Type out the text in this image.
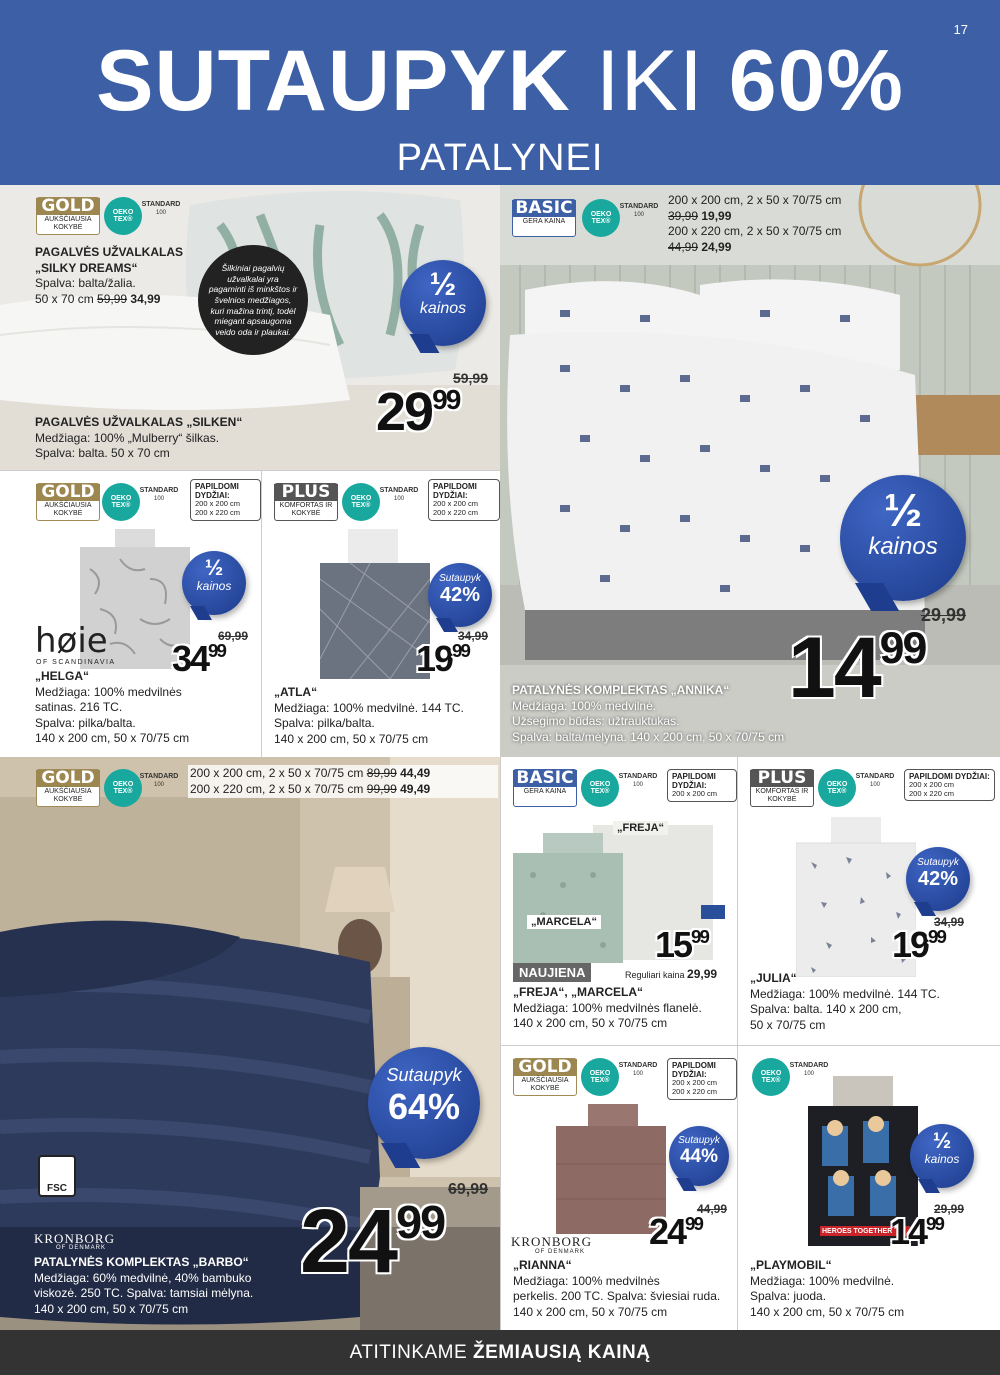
17
SUTAUPYK IKI 60%
PATALYNEI
GOLD
AUKŠČIAUSIA KOKYBĖ
OEKO TEX®
STANDARD
100
PAGALVĖS UŽVALKALAS „SILKY DREAMS“
Spalva: balta/žalia.
50 x 70 cm 59,99 34,99
Šilkiniai pagalvių užvalkalai yra pagaminti iš minkštos ir švelnios medžiagos, kuri mažina trintį, todėl miegant apsaugoma veido oda ir plaukai.
½
kainos
59,99
$29^{99}$
PAGALVĖS UŽVALKALAS „SILKEN“
Medžiaga: 100% „Mulberry“ šilkas.
Spalva: balta. 50 x 70 cm
BASIC
GERA KAINA
OEKO TEX®
STANDARD
100
200 x 200 cm, 2 x 50 x 70/75 cm
39,99 19,99
200 x 220 cm, 2 x 50 x 70/75 cm
44,99 24,99
½
kainos
29,99
$14^{99}$
PATALYNĖS KOMPLEKTAS „ANNIKA“
Medžiaga: 100% medvilnė.
Užsegimo būdas: užtrauktukas.
Spalva: balta/mėlyna. 140 x 200 cm, 50 x 70/75 cm
GOLD
AUKŠČIAUSIA KOKYBĖ
OEKO TEX®
STANDARD
100
PAPILDOMI DYDŽIAI:
200 x 200 cm
200 x 220 cm
½
kainos
høie
OF SCANDINAVIA
69,99
$34^{99}$
„HELGA“
Medžiaga: 100% medvilnės
satinas. 216 TC.
Spalva: pilka/balta.
140 x 200 cm, 50 x 70/75 cm
PLUS
KOMFORTAS IR KOKYBĖ
OEKO TEX®
STANDARD
100
PAPILDOMI DYDŽIAI:
200 x 200 cm
200 x 220 cm
Sutaupyk
42%
34,99
$19^{99}$
„ATLA“
Medžiaga: 100% medvilnė. 144 TC.
Spalva: pilka/balta.
140 x 200 cm, 50 x 70/75 cm
GOLD
AUKŠČIAUSIA KOKYBĖ
OEKO TEX®
STANDARD
100
200 x 200 cm, 2 x 50 x 70/75 cm 89,99 44,49
200 x 220 cm, 2 x 50 x 70/75 cm 99,99 49,49
Sutaupyk
64%
FSC	69,99
$24^{99}$
KRONBORG
OF DENMARK
PATALYNĖS KOMPLEKTAS „BARBO“
Medžiaga: 60% medvilnė, 40% bambuko
viskozė. 250 TC. Spalva: tamsiai mėlyna.
140 x 200 cm, 50 x 70/75 cm
BASIC
GERA KAINA
OEKO TEX®
STANDARD
100
PAPILDOMI DYDŽIAI:
200 x 200 cm
„FREJA“
„MARCELA“
NAUJIENA
$15^{99}$
Reguliari kaina 29,99
„FREJA“, „MARCELA“
Medžiaga: 100% medvilnės flanelė.
140 x 200 cm, 50 x 70/75 cm
PLUS
KOMFORTAS IR KOKYBĖ
OEKO TEX®
STANDARD
100
PAPILDOMI DYDŽIAI:
200 x 200 cm
200 x 220 cm
Sutaupyk
42%
34,99
$19^{99}$
„JULIA“
Medžiaga: 100% medvilnė. 144 TC.
Spalva: balta. 140 x 200 cm,
50 x 70/75 cm
GOLD
AUKŠČIAUSIA KOKYBĖ
OEKO TEX®
STANDARD
100
PAPILDOMI DYDŽIAI:
200 x 200 cm
200 x 220 cm
Sutaupyk
44%
KRONBORG
OF DENMARK
44,99
$24^{99}$
„RIANNA“
Medžiaga: 100% medvilnės
perkelis. 200 TC. Spalva: šviesiai ruda.
140 x 200 cm, 50 x 70/75 cm
OEKO TEX®
STANDARD
100
HEROES TOGETHER
½
kainos
29,99
$14^{99}$
„PLAYMOBIL“
Medžiaga: 100% medvilnė.
Spalva: juoda.
140 x 200 cm, 50 x 70/75 cm
ATITINKAME ŽEMIAUSIĄ KAINĄ
